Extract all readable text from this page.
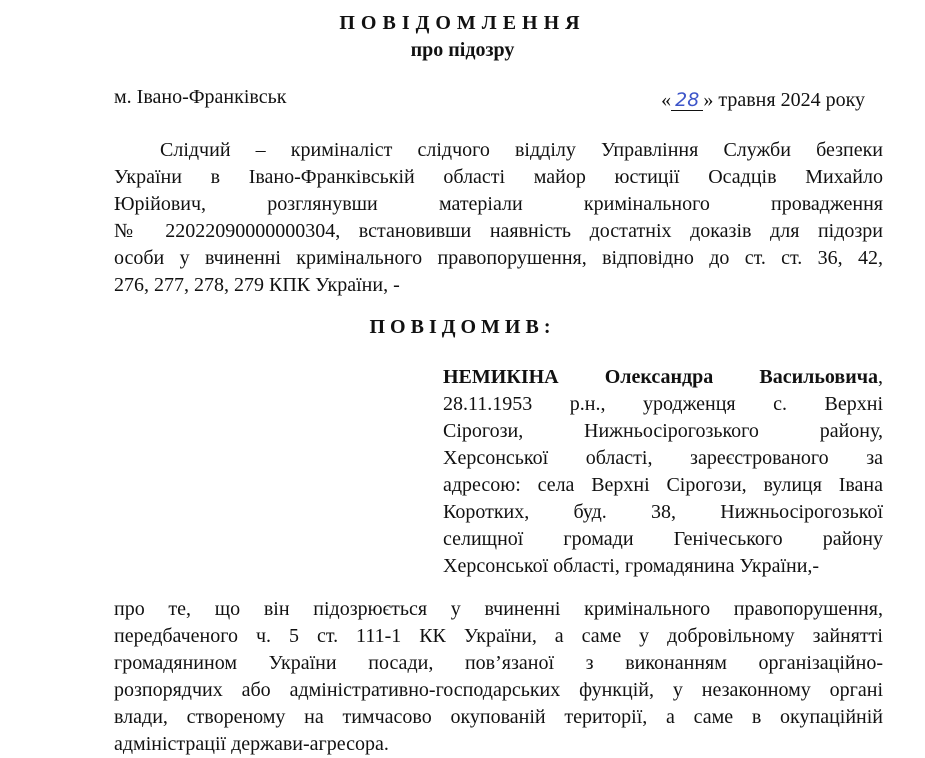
ПОВІДОМЛЕННЯ
про підозру
м. Івано-Франківськ	« 28 » травня 2024 року
Слідчий – криміналіст слідчого відділу Управління Служби безпеки
України в Івано-Франківській області майор юстиції Осадців Михайло
Юрійович, розглянувши матеріали кримінального провадження
№ 22022090000000304, встановивши наявність достатніх доказів для підозри
особи у вчиненні кримінального правопорушення, відповідно до ст. ст. 36, 42,
276, 277, 278, 279 КПК України, -
ПОВІДОМИВ:
НЕМИКІНА Олександра Васильовича,
28.11.1953 р.н., уродженця с. Верхні
Сірогози, Нижньосірогозького району,
Херсонської області, зареєстрованого за
адресою: села Верхні Сірогози, вулиця Івана
Коротких, буд. 38, Нижньосірогозької
селищної громади Генічеського району
Херсонської області, громадянина України,-
про те, що він підозрюється у вчиненні кримінального правопорушення,
передбаченого ч. 5 ст. 111-1 КК України, а саме у добровільному зайнятті
громадянином України посади, пов’язаної з виконанням організаційно-
розпорядчих або адміністративно-господарських функцій, у незаконному органі
влади, створеному на тимчасово окупованій території, а саме в окупаційній
адміністрації держави-агресора.
